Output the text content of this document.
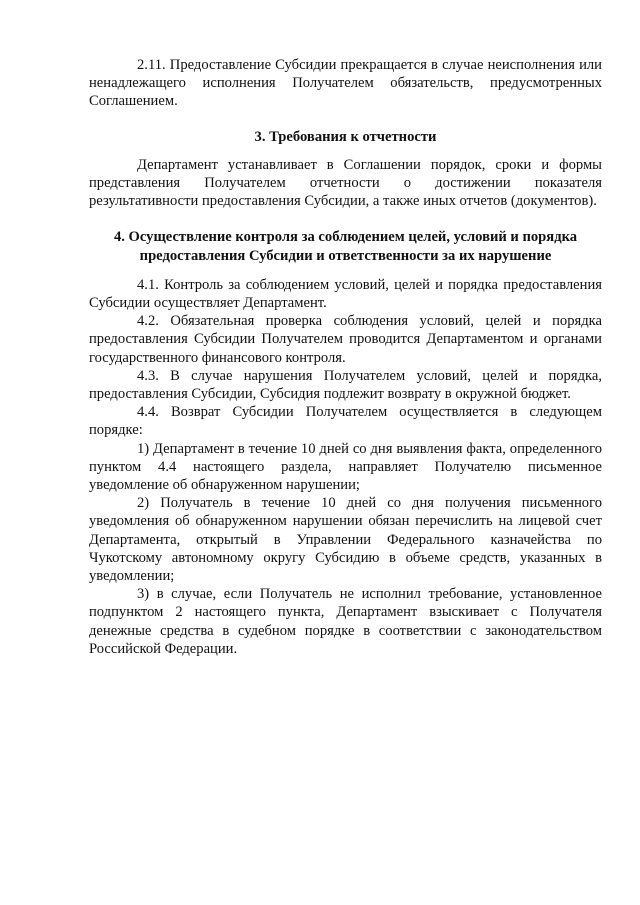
2.11. Предоставление Субсидии прекращается в случае неисполнения или ненадлежащего исполнения Получателем обязательств, предусмотренных Соглашением.

3. Требования к отчетности

Департамент устанавливает в Соглашении порядок, сроки и формы представления Получателем отчетности о достижении показателя результативности предоставления Субсидии, а также иных отчетов (документов).

4. Осуществление контроля за соблюдением целей, условий и порядка предоставления Субсидии и ответственности за их нарушение

4.1. Контроль за соблюдением условий, целей и порядка предоставления Субсидии осуществляет Департамент.

4.2. Обязательная проверка соблюдения условий, целей и порядка предоставления Субсидии Получателем проводится Департаментом и органами государственного финансового контроля.

4.3. В случае нарушения Получателем условий, целей и порядка, предоставления Субсидии, Субсидия подлежит возврату в окружной бюджет.

4.4. Возврат Субсидии Получателем осуществляется в следующем порядке:

1) Департамент в течение 10 дней со дня выявления факта, определенного пунктом 4.4 настоящего раздела, направляет Получателю письменное уведомление об обнаруженном нарушении;

2) Получатель в течение 10 дней со дня получения письменного уведомления об обнаруженном нарушении обязан перечислить на лицевой счет Департамента, открытый в Управлении Федерального казначейства по Чукотскому автономному округу Субсидию в объеме средств, указанных в уведомлении;

3) в случае, если Получатель не исполнил требование, установленное подпунктом 2 настоящего пункта, Департамент взыскивает с Получателя денежные средства в судебном порядке в соответствии с законодательством Российской Федерации.
